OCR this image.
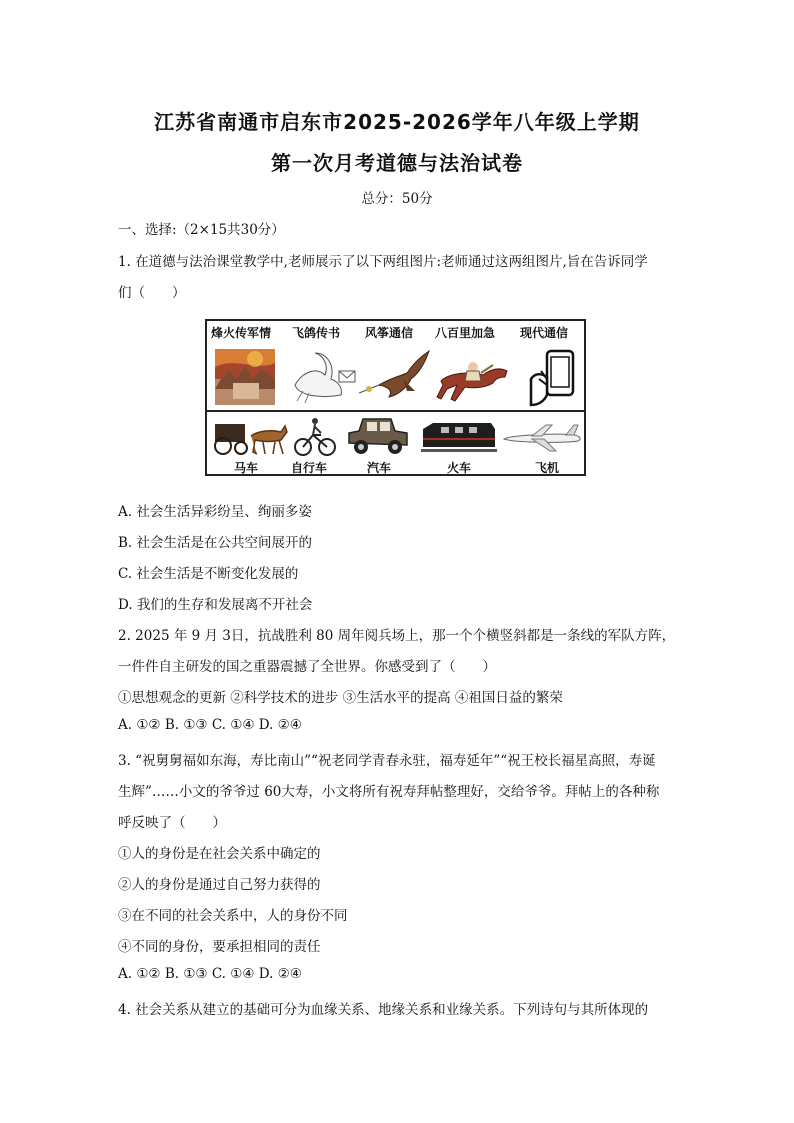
江苏省南通市启东市2025-2026学年八年级上学期
第一次月考道德与法治试卷
总分：50分
一、选择:（2×15共30分）
1. 在道德与法治课堂教学中,老师展示了以下两组图片:老师通过这两组图片,旨在告诉同学
们（　　）
烽火传军情 飞鸽传书 风筝通信 八百里加急 现代通信
马车	自行车	汽车	火车	飞机
A. 社会生活异彩纷呈、绚丽多姿
B. 社会生活是在公共空间展开的
C. 社会生活是不断变化发展的
D. 我们的生存和发展离不开社会
2. 2025 年 9 月 3日，抗战胜利 80 周年阅兵场上，那一个个横竖斜都是一条线的军队方阵，
一件件自主研发的国之重器震撼了全世界。你感受到了（　　）
①思想观念的更新 ②科学技术的进步 ③生活水平的提高 ④祖国日益的繁荣
A. ①② B. ①③ C. ①④ D. ②④
3. “祝舅舅福如东海，寿比南山”“祝老同学青春永驻，福寿延年”“祝王校长福星高照，寿诞
生辉”……小文的爷爷过 60大寿，小文将所有祝寿拜帖整理好，交给爷爷。拜帖上的各种称
呼反映了（　　）
①人的身份是在社会关系中确定的
②人的身份是通过自己努力获得的
③在不同的社会关系中，人的身份不同
④不同的身份，要承担相同的责任
A. ①② B. ①③ C. ①④ D. ②④
4. 社会关系从建立的基础可分为血缘关系、地缘关系和业缘关系。下列诗句与其所体现的
